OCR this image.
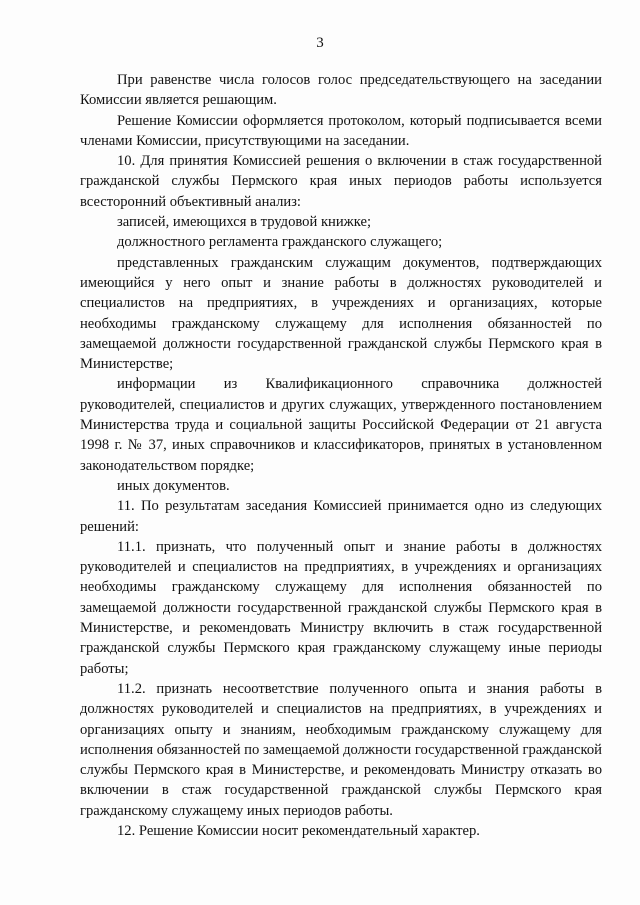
3

При равенстве числа голосов голос председательствующего на заседании Комиссии является решающим.

Решение Комиссии оформляется протоколом, который подписывается всеми членами Комиссии, присутствующими на заседании.

10. Для принятия Комиссией решения о включении в стаж государственной гражданской службы Пермского края иных периодов работы используется всесторонний объективный анализ:

записей, имеющихся в трудовой книжке;

должностного регламента гражданского служащего;

представленных гражданским служащим документов, подтверждающих имеющийся у него опыт и знание работы в должностях руководителей и специалистов на предприятиях, в учреждениях и организациях, которые необходимы гражданскому служащему для исполнения обязанностей по замещаемой должности государственной гражданской службы Пермского края в Министерстве;

информации из Квалификационного справочника должностей руководителей, специалистов и других служащих, утвержденного постановлением Министерства труда и социальной защиты Российской Федерации от 21 августа 1998 г. № 37, иных справочников и классификаторов, принятых в установленном законодательством порядке;

иных документов.

11. По результатам заседания Комиссией принимается одно из следующих решений:

11.1. признать, что полученный опыт и знание работы в должностях руководителей и специалистов на предприятиях, в учреждениях и организациях необходимы гражданскому служащему для исполнения обязанностей по замещаемой должности государственной гражданской службы Пермского края в Министерстве, и рекомендовать Министру включить в стаж государственной гражданской службы Пермского края гражданскому служащему иные периоды работы;

11.2. признать несоответствие полученного опыта и знания работы в должностях руководителей и специалистов на предприятиях, в учреждениях и организациях опыту и знаниям, необходимым гражданскому служащему для исполнения обязанностей по замещаемой должности государственной гражданской службы Пермского края в Министерстве, и рекомендовать Министру отказать во включении в стаж государственной гражданской службы Пермского края гражданскому служащему иных периодов работы.

12. Решение Комиссии носит рекомендательный характер.
